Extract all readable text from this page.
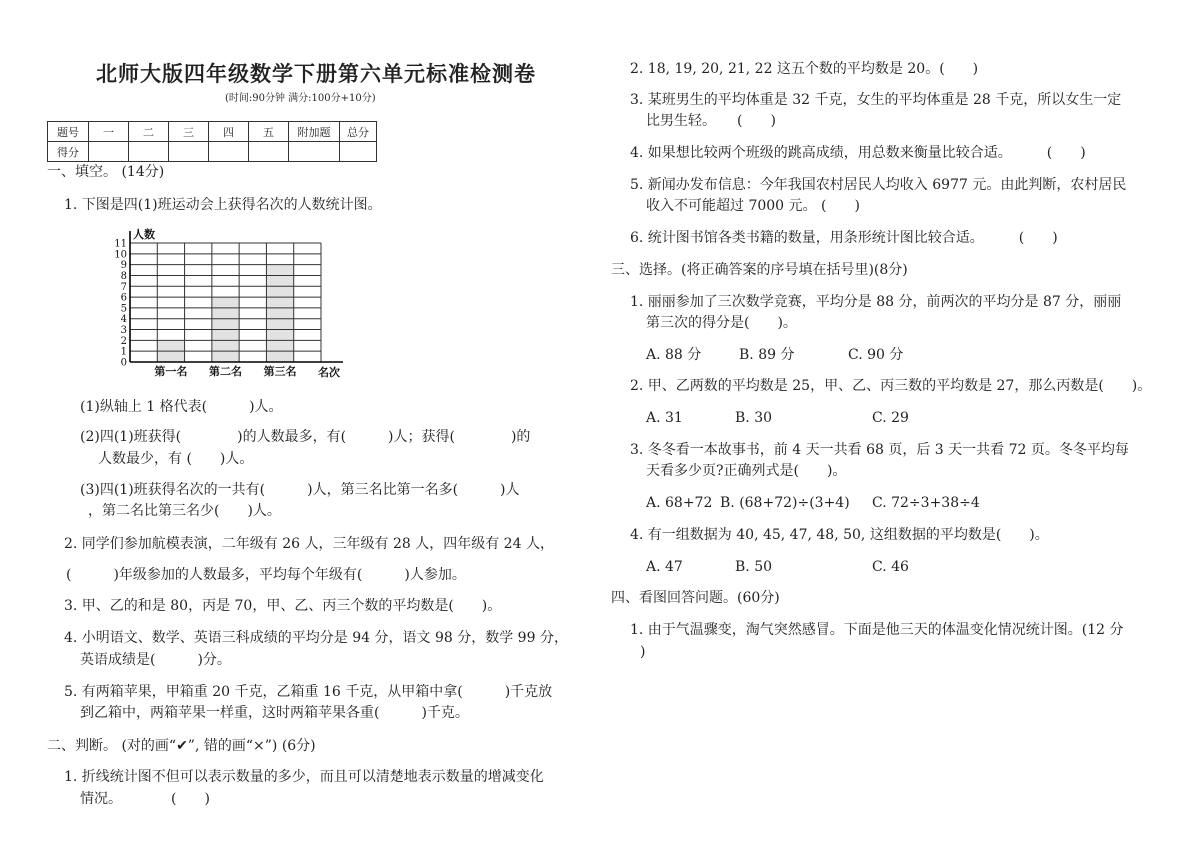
北师大版四年级数学下册第六单元标准检测卷
(时间:90分钟 满分:100分+10分)
题号	一	二	三	四	五	附加题	总分
得分							
一、填空。 (14分)
1. 下图是四(1)班运动会上获得名次的人数统计图。
0
1
2
3
4
5
6
7
8
9
10
11
人数
名次
第一名 第二名 第三名
(1)纵轴上 1 格代表(　　　)人。
(2)四(1)班获得(　　　　)的人数最多，有(　　　)人；获得(　　　　)的
人数最少，有 (　　)人。
(3)四(1)班获得名次的一共有(　　　)人，第三名比第一名多(　　　)人
，第二名比第三名少(　　)人。
2. 同学们参加航模表演，二年级有 26 人，三年级有 28 人，四年级有 24 人，
(　　　)年级参加的人数最多，平均每个年级有(　　　)人参加。
3. 甲、乙的和是 80，丙是 70，甲、乙、丙三个数的平均数是(　　)。
4. 小明语文、数学、英语三科成绩的平均分是 94 分，语文 98 分，数学 99 分，
英语成绩是(　　　)分。
5. 有两箱苹果，甲箱重 20 千克，乙箱重 16 千克，从甲箱中拿(　　　)千克放
到乙箱中，两箱苹果一样重，这时两箱苹果各重(　　　)千克。
二、判断。 (对的画“✔”, 错的画“×”) (6分)
1. 折线统计图不但可以表示数量的多少，而且可以清楚地表示数量的增减变化
情况。　　　　(　　)
2. 18, 19, 20, 21, 22 这五个数的平均数是 20。(　　)
3. 某班男生的平均体重是 32 千克，女生的平均体重是 28 千克，所以女生一定
比男生轻。　　(　　)
4. 如果想比较两个班级的跳高成绩，用总数来衡量比较合适。　　　(　　)
5. 新闻办发布信息：今年我国农村居民人均收入 6977 元。由此判断，农村居民
收入不可能超过 7000 元。 (　　)
6. 统计图书馆各类书籍的数量，用条形统计图比较合适。　　　(　　)
三、选择。(将正确答案的序号填在括号里)(8分)
1. 丽丽参加了三次数学竞赛，平均分是 88 分，前两次的平均分是 87 分，丽丽
第三次的得分是(　　)。
A. 88 分	B. 89 分	C. 90 分
2. 甲、乙两数的平均数是 25，甲、乙、丙三数的平均数是 27，那么丙数是(　　)。
A. 31	B. 30	C. 29
3. 冬冬看一本故事书，前 4 天一共看 68 页，后 3 天一共看 72 页。冬冬平均每
天看多少页?正确列式是(　　)。
A. 68+72 B. (68+72)÷(3+4) C. 72÷3+38÷4
4. 有一组数据为 40, 45, 47, 48, 50, 这组数据的平均数是(　　)。
A. 47	B. 50	C. 46
四、看图回答问题。(60分)
1. 由于气温骤变，淘气突然感冒。下面是他三天的体温变化情况统计图。(12 分
)
